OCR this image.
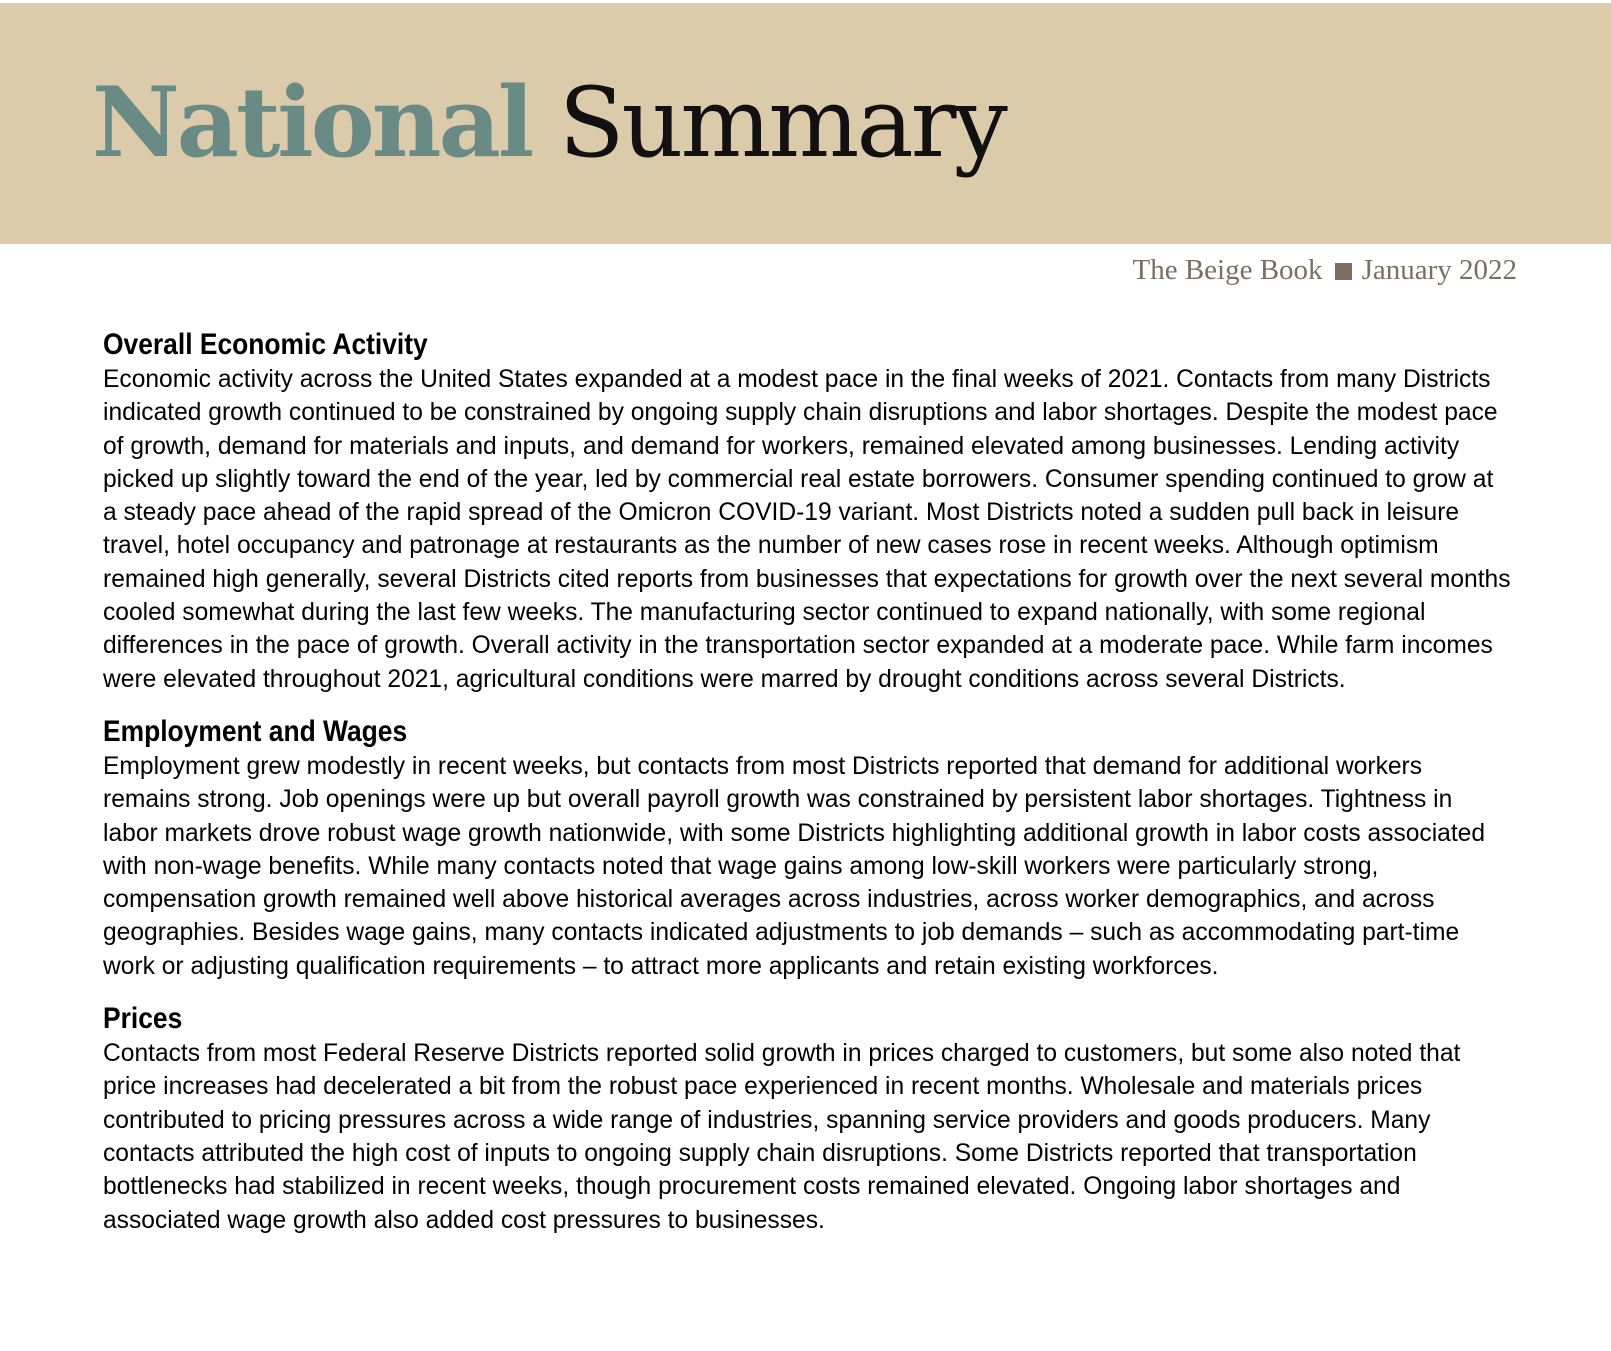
National Summary
The Beige Book January 2022
Overall Economic Activity

Economic activity across the United States expanded at a modest pace in the final weeks of 2021. Contacts from many Districts indicated growth continued to be constrained by ongoing supply chain disruptions and labor shortages. Despite the modest pace of growth, demand for materials and inputs, and demand for workers, remained elevated among businesses. Lending activity picked up slightly toward the end of the year, led by commercial real estate borrowers. Consumer spending continued to grow at a steady pace ahead of the rapid spread of the Omicron COVID-19 variant. Most Districts noted a sudden pull back in leisure travel, hotel occupancy and patronage at restaurants as the number of new cases rose in recent weeks. Although optimism remained high generally, several Districts cited reports from businesses that expectations for growth over the next several months cooled somewhat during the last few weeks. The manufacturing sector continued to expand nationally, with some regional differences in the pace of growth. Overall activity in the transportation sector expanded at a moderate pace. While farm incomes were elevated throughout 2021, agricultural conditions were marred by drought conditions across several Districts.

Employment and Wages

Employment grew modestly in recent weeks, but contacts from most Districts reported that demand for additional workers remains strong. Job openings were up but overall payroll growth was constrained by persistent labor shortages. Tightness in labor markets drove robust wage growth nationwide, with some Districts highlighting additional growth in labor costs associated with non-wage benefits. While many contacts noted that wage gains among low-skill workers were particularly strong, compensation growth remained well above historical averages across industries, across worker demographics, and across geographies. Besides wage gains, many contacts indicated adjustments to job demands – such as accommodating part-time work or adjusting qualification requirements – to attract more applicants and retain existing workforces.

Prices

Contacts from most Federal Reserve Districts reported solid growth in prices charged to customers, but some also noted that price increases had decelerated a bit from the robust pace experienced in recent months. Wholesale and materials prices contributed to pricing pressures across a wide range of industries, spanning service providers and goods producers. Many contacts attributed the high cost of inputs to ongoing supply chain disruptions. Some Districts reported that transportation bottlenecks had stabilized in recent weeks, though procurement costs remained elevated. Ongoing labor shortages and associated wage growth also added cost pressures to businesses.
